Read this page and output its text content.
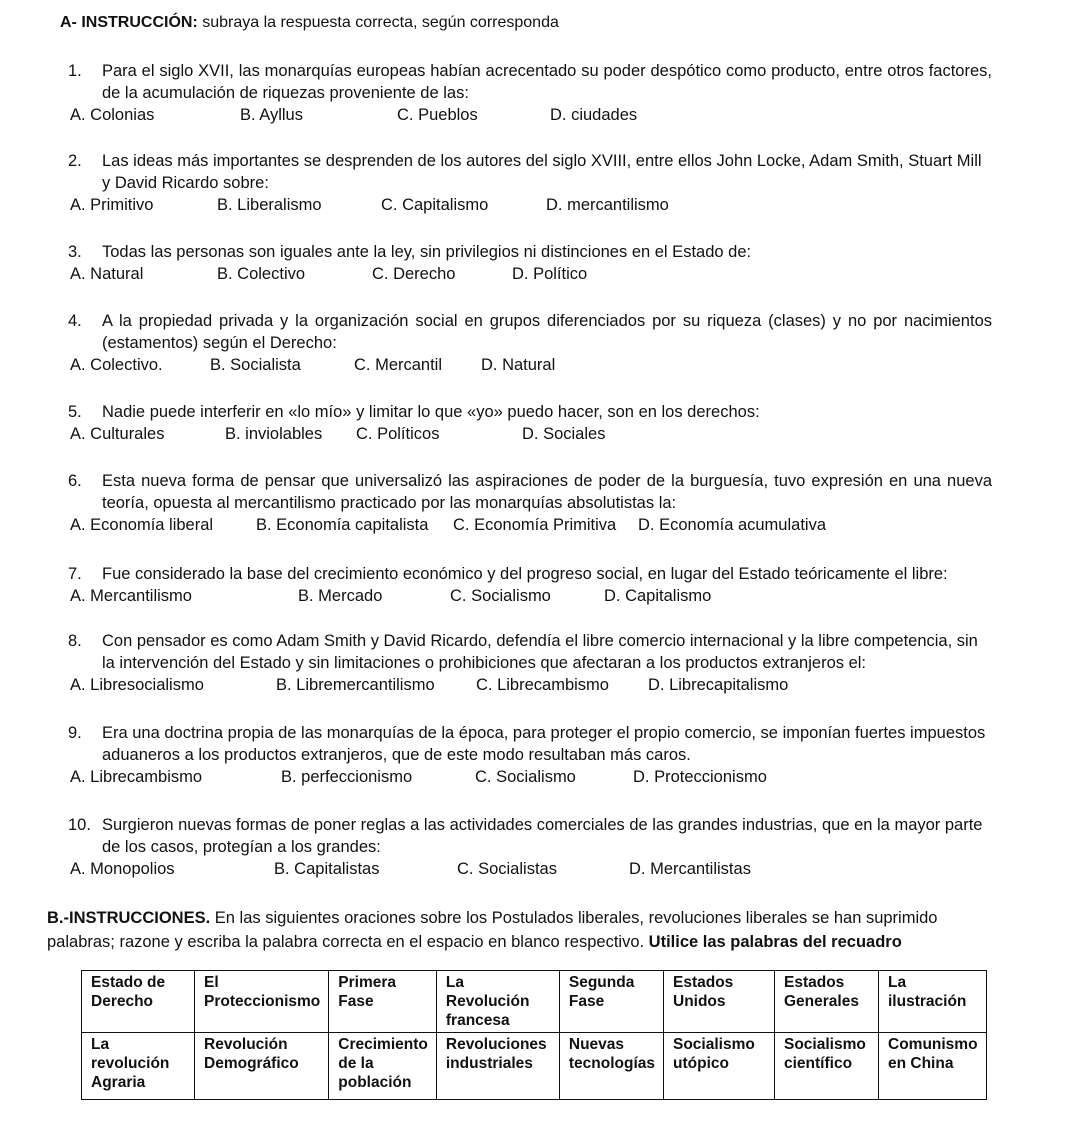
A- INSTRUCCIÓN: subraya la respuesta correcta, según corresponda
1. Para el siglo XVII, las monarquías europeas habían acrecentado su poder despótico como producto, entre otros factores, de la acumulación de riquezas proveniente de las:
A. Colonias	B. Ayllus	C. Pueblos	D. ciudades
2. Las ideas más importantes se desprenden de los autores del siglo XVIII, entre ellos John Locke, Adam Smith, Stuart Mill y David Ricardo sobre:
A. Primitivo	B. Liberalismo	C. Capitalismo	D. mercantilismo
3. Todas las personas son iguales ante la ley, sin privilegios ni distinciones en el Estado de:
A. Natural	B. Colectivo	C. Derecho	D. Político
4. A la propiedad privada y la organización social en grupos diferenciados por su riqueza (clases) y no por nacimientos (estamentos) según el Derecho:
A. Colectivo.	B. Socialista	C. Mercantil D. Natural
5. Nadie puede interferir en «lo mío» y limitar lo que «yo» puedo hacer, son en los derechos:
A. Culturales	B. inviolables C. Políticos	D. Sociales
6. Esta nueva forma de pensar que universalizó las aspiraciones de poder de la burguesía, tuvo expresión en una nueva teoría, opuesta al mercantilismo practicado por las monarquías absolutistas la:
A. Economía liberal	B. Economía capitalista C. Economía Primitiva D. Economía acumulativa
7. Fue considerado la base del crecimiento económico y del progreso social, en lugar del Estado teóricamente el libre:
A. Mercantilismo	B. Mercado	C. Socialismo	D. Capitalismo
8. Con pensador es como Adam Smith y David Ricardo, defendía el libre comercio internacional y la libre competencia, sin la intervención del Estado y sin limitaciones o prohibiciones que afectaran a los productos extranjeros el:
A. Libresocialismo	B. Libremercantilismo	C. Librecambismo D. Librecapitalismo
9. Era una doctrina propia de las monarquías de la época, para proteger el propio comercio, se imponían fuertes impuestos aduaneros a los productos extranjeros, que de este modo resultaban más caros.
A. Librecambismo	B. perfeccionismo	C. Socialismo	D. Proteccionismo
10. Surgieron nuevas formas de poner reglas a las actividades comerciales de las grandes industrias, que en la mayor parte de los casos, protegían a los grandes:
A. Monopolios	B. Capitalistas	C. Socialistas	D. Mercantilistas
B.-INSTRUCCIONES. En las siguientes oraciones sobre los Postulados liberales, revoluciones liberales se han suprimido palabras; razone y escriba la palabra correcta en el espacio en blanco respectivo. Utilice las palabras del recuadro
Estado de Derecho	El Proteccionismo	Primera Fase	La Revolución francesa	Segunda Fase	Estados Unidos	Estados Generales	La ilustración
La revolución Agraria	Revolución Demográfico	Crecimiento de la población	Revoluciones industriales	Nuevas tecnologías	Socialismo utópico	Socialismo científico	Comunismo en China
